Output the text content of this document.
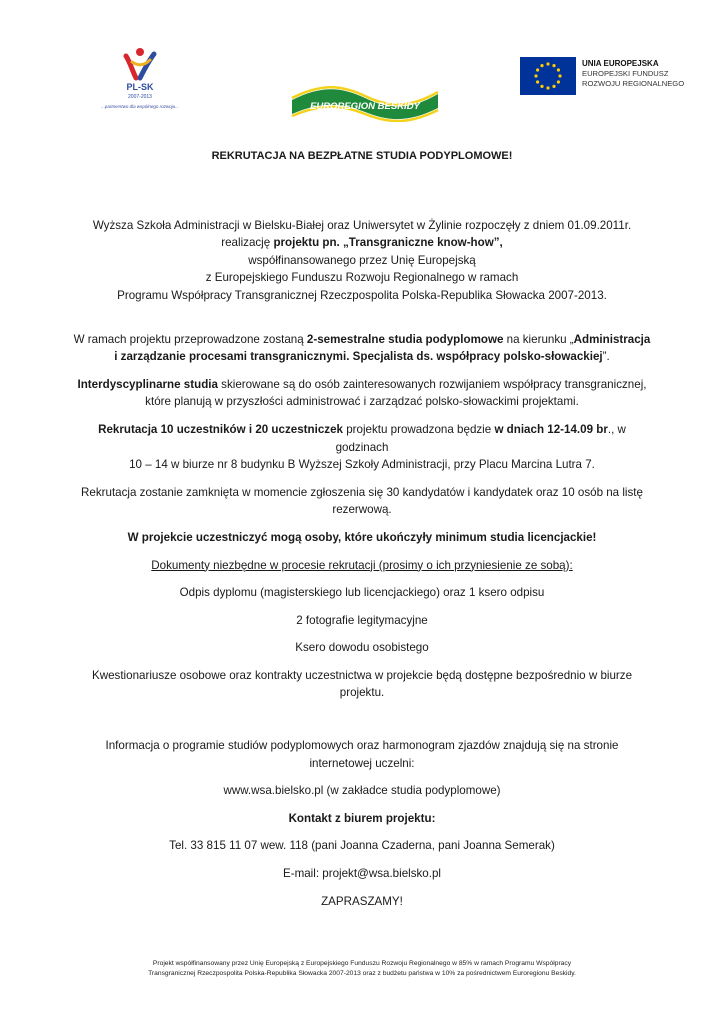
PL-SK
2007-2013
...partnerstwo dla wspólnego rozwoju...	EUROREGION BESKIDY
UNIA EUROPEJSKA
EUROPEJSKI FUNDUSZ
ROZWOJU REGIONALNEGO

REKRUTACJA NA BEZPŁATNE STUDIA PODYPLOMOWE!

Wyższa Szkoła Administracji w Bielsku-Białej oraz Uniwersytet w Żylinie rozpoczęły z dniem 01.09.2011r.

realizację projektu pn. „Transgraniczne know-how”,

współfinansowanego przez Unię Europejską

z Europejskiego Funduszu Rozwoju Regionalnego w ramach

Programu Współpracy Transgranicznej Rzeczpospolita Polska-Republika Słowacka 2007-2013.

W ramach projektu przeprowadzone zostaną 2-semestralne studia podyplomowe na kierunku „Administracja

i zarządzanie procesami transgranicznymi. Specjalista ds. współpracy polsko-słowackiej”.

Interdyscyplinarne studia skierowane są do osób zainteresowanych rozwijaniem współpracy transgranicznej,

które planują w przyszłości administrować i zarządzać polsko-słowackimi projektami.

Rekrutacja 10 uczestników i 20 uczestniczek projektu prowadzona będzie w dniach 12-14.09 br., w godzinach

10 – 14 w biurze nr 8 budynku B Wyższej Szkoły Administracji, przy Placu Marcina Lutra 7.

Rekrutacja zostanie zamknięta w momencie zgłoszenia się 30 kandydatów i kandydatek oraz 10 osób na listę

rezerwową.

W projekcie uczestniczyć mogą osoby, które ukończyły minimum studia licencjackie!

Dokumenty niezbędne w procesie rekrutacji (prosimy o ich przyniesienie ze sobą):

Odpis dyplomu (magisterskiego lub licencjackiego) oraz 1 ksero odpisu

2 fotografie legitymacyjne

Ksero dowodu osobistego

Kwestionariusze osobowe oraz kontrakty uczestnictwa w projekcie będą dostępne bezpośrednio w biurze

projektu.

Informacja o programie studiów podyplomowych oraz harmonogram zjazdów znajdują się na stronie

internetowej uczelni:

www.wsa.bielsko.pl (w zakładce studia podyplomowe)

Kontakt z biurem projektu:

Tel. 33 815 11 07 wew. 118 (pani Joanna Czaderna, pani Joanna Semerak)

E-mail: projekt@wsa.bielsko.pl

ZAPRASZAMY!

Projekt współfinansowany przez Unię Europejską z Europejskiego Funduszu Rozwoju Regionalnego w 85% w ramach Programu Współpracy
Transgranicznej Rzeczpospolita Polska-Republika Słowacka 2007-2013 oraz z budżetu państwa w 10% za pośrednictwem Euroregionu Beskidy.
